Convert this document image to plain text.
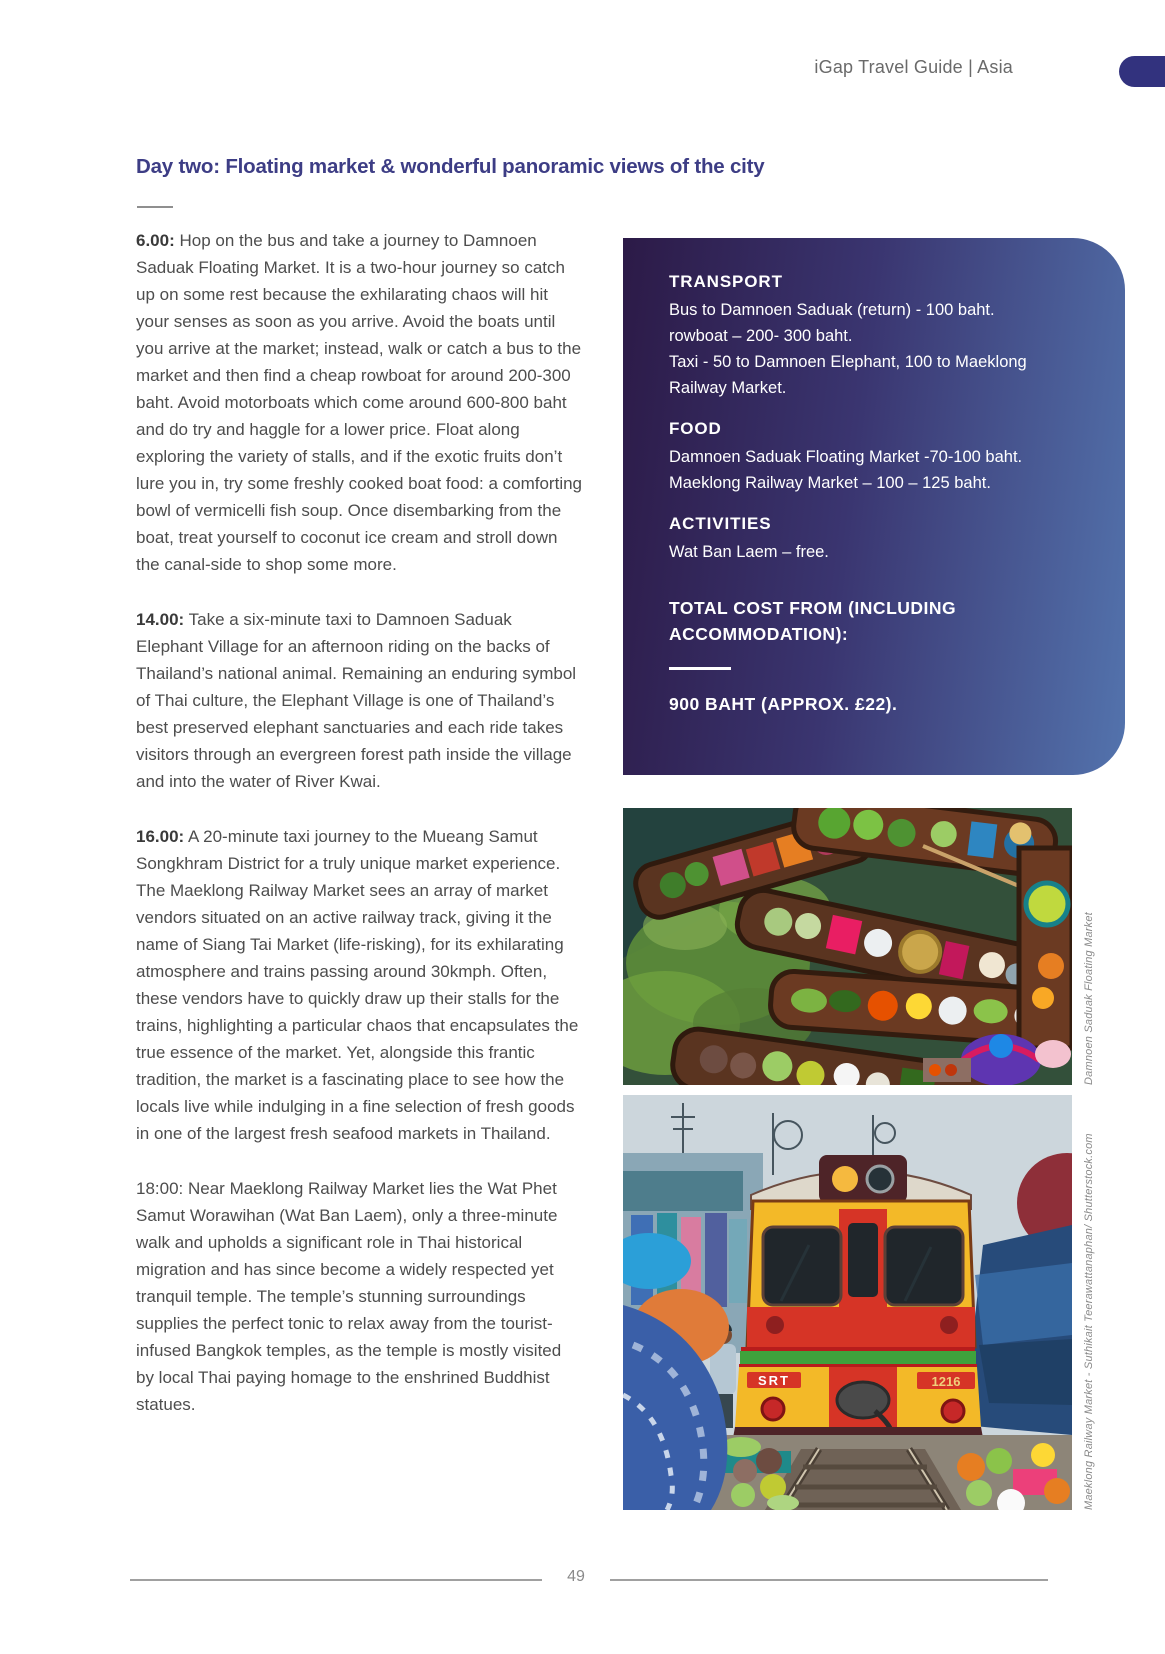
iGap Travel Guide | Asia
Day two: Floating market & wonderful panoramic views of the city

6.00: Hop on the bus and take a journey to Damnoen Saduak Floating Market. It is a two-hour journey so catch up on some rest because the exhilarating chaos will hit your senses as soon as you arrive. Avoid the boats until you arrive at the market; instead, walk or catch a bus to the market and then find a cheap rowboat for around 200-300 baht. Avoid motorboats which come around 600-800 baht and do try and haggle for a lower price. Float along exploring the variety of stalls, and if the exotic fruits don’t lure you in, try some freshly cooked boat food: a comforting bowl of vermicelli fish soup. Once disembarking from the boat, treat yourself to coconut ice cream and stroll down the canal-side to shop some more.

14.00: Take a six-minute taxi to Damnoen Saduak Elephant Village for an afternoon riding on the backs of Thailand’s national animal. Remaining an enduring symbol of Thai culture, the Elephant Village is one of Thailand’s best preserved elephant sanctuaries and each ride takes visitors through an evergreen forest path inside the village and into the water of River Kwai.

16.00: A 20-minute taxi journey to the Mueang Samut Songkhram District for a truly unique market experience. The Maeklong Railway Market sees an array of market vendors situated on an active railway track, giving it the name of Siang Tai Market (life-risking), for its exhilarating atmosphere and trains passing around 30kmph. Often, these vendors have to quickly draw up their stalls for the trains, highlighting a particular chaos that encapsulates the true essence of the market. Yet, alongside this frantic tradition, the market is a fascinating place to see how the locals live while indulging in a fine selection of fresh goods in one of the largest fresh seafood markets in Thailand.

18:00: Near Maeklong Railway Market lies the Wat Phet Samut Worawihan (Wat Ban Laem), only a three-minute walk and upholds a significant role in Thai historical migration and has since become a widely respected yet tranquil temple. The temple’s stunning surroundings supplies the perfect tonic to relax away from the tourist-infused Bangkok temples, as the temple is mostly visited by local Thai paying homage to the enshrined Buddhist statues.

TRANSPORT

Bus to Damnoen Saduak (return) - 100 baht.

rowboat – 200- 300 baht.

Taxi - 50 to Damnoen Elephant, 100 to Maeklong Railway Market.

FOOD

Damnoen Saduak Floating Market -70-100 baht.

Maeklong Railway Market – 100 – 125 baht.

ACTIVITIES

Wat Ban Laem – free.

TOTAL COST FROM (INCLUDING ACCOMMODATION):
900 BAHT (APPROX. £22).
Damnoen Saduak Floating Market
SRT	1216	Maeklong Railway Market - Suthikait Teerawattanaphan/ Shutterstock.com
49
